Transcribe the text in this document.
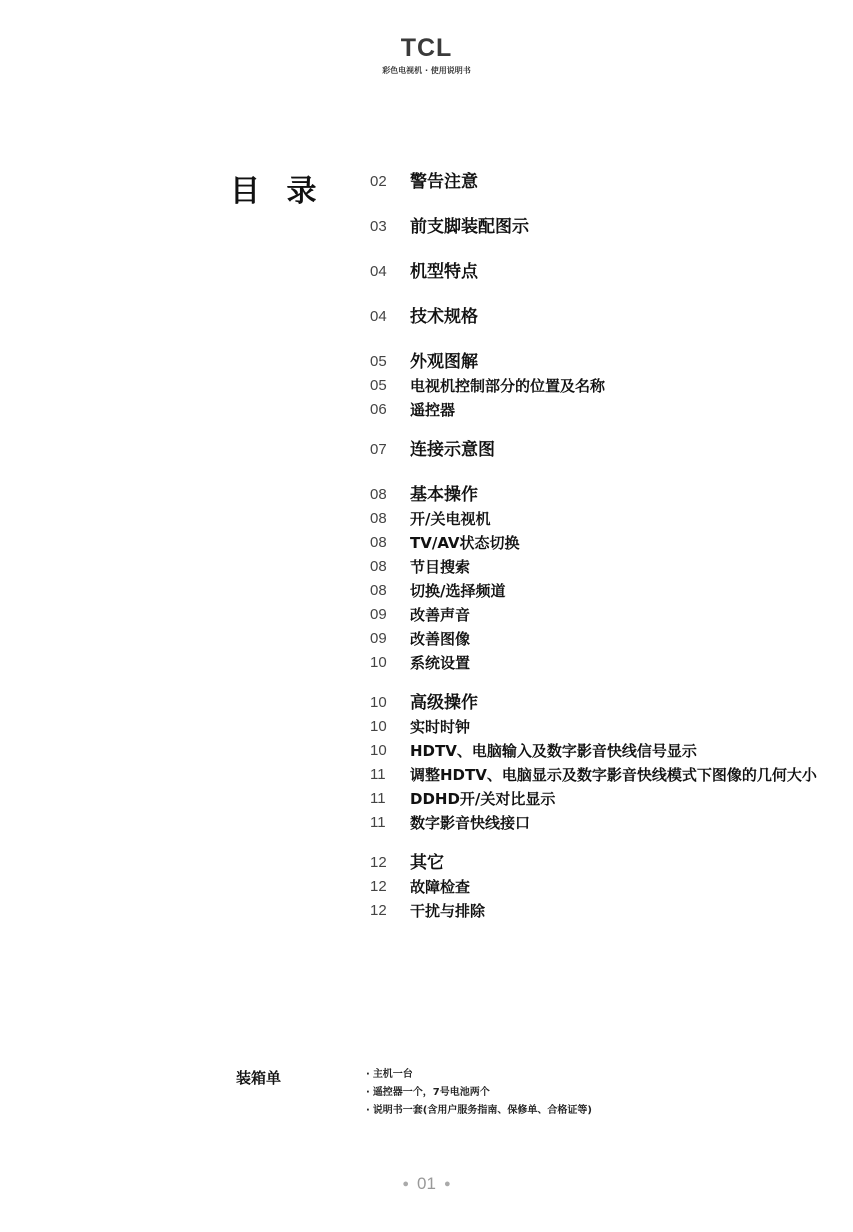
TCL
彩色电视机 · 使用说明书
目 录	02	警告注意
03	前支脚装配图示
04	机型特点
04	技术规格
05	外观图解
05	电视机控制部分的位置及名称
06	遥控器
07	连接示意图
08	基本操作
08	开/关电视机
08	TV/AV状态切换
08	节目搜索
08	切换/选择频道
09	改善声音
09	改善图像
10	系统设置
10	高级操作
10	实时时钟
10	HDTV、电脑输入及数字影音快线信号显示
11	调整HDTV、电脑显示及数字影音快线模式下图像的几何大小
11	DDHD开/关对比显示
11	数字影音快线接口
12	其它
12	故障检查
12	干扰与排除
装箱单	· 主机一台
· 遥控器一个，7号电池两个
· 说明书一套(含用户服务指南、保修单、合格证等)
● 01 ●
